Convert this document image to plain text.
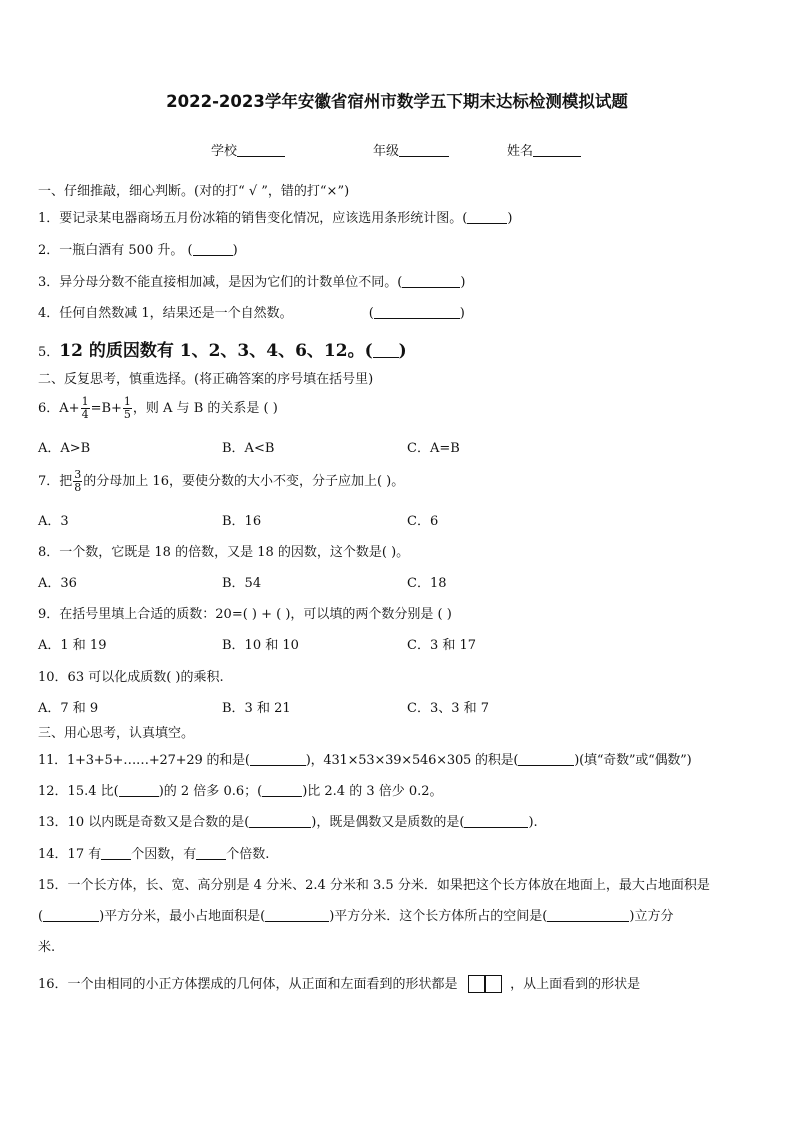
2022-2023学年安徽省宿州市数学五下期末达标检测模拟试题
学校	年级	姓名
一、仔细推敲，细心判断。(对的打“ √ ”，错的打“×”)
1．要记录某电器商场五月份冰箱的销售变化情况，应该选用条形统计图。(	)
2．一瓶白酒有 500 升。 (	)
3．异分母分数不能直接相加减，是因为它们的计数单位不同。(	)
4．任何自然数减 1，结果还是一个自然数。	(	)
5．12 的质因数有 1、2、3、4、6、12。( )
二、反复思考，慎重选择。(将正确答案的序号填在括号里)
6．$A+ \frac{1}{4} =B+ \frac{1}{5}$ ，则 A 与 B 的关系是 ( )
A．A>B	B．A<B	C．A=B
7．把 $\frac{3}{8}$ 的分母加上 16，要使分数的大小不变，分子应加上( )。
A．3	B．16	C．6
8．一个数，它既是 18 的倍数，又是 18 的因数，这个数是( )。
A．36	B．54	C．18
9．在括号里填上合适的质数：20=( ) + ( )，可以填的两个数分别是 ( )
A．1 和 19	B．10 和 10	C．3 和 17
10．63 可以化成质数( )的乘积.
A．7 和 9	B．3 和 21	C．3、3 和 7
三、用心思考，认真填空。
11．1+3+5+……+27+29 的和是(	)，431×53×39×546×305 的积是(	)(填“奇数”或“偶数”)
12．15.4 比(	)的 2 倍多 0.6；(	)比 2.4 的 3 倍少 0.2。
13．10 以内既是奇数又是合数的是(	)，既是偶数又是质数的是(	).
14．17 有 个因数，有 个倍数.
15．一个长方体，长、宽、高分别是 4 分米、2.4 分米和 3.5 分米．如果把这个长方体放在地面上，最大占地面积是
(	)平方分米，最小占地面积是(	)平方分米．这个长方体所占的空间是(	)立方分
米.
16．一个由相同的小正方体摆成的几何体，从正面和左面看到的形状都是	，从上面看到的形状是
